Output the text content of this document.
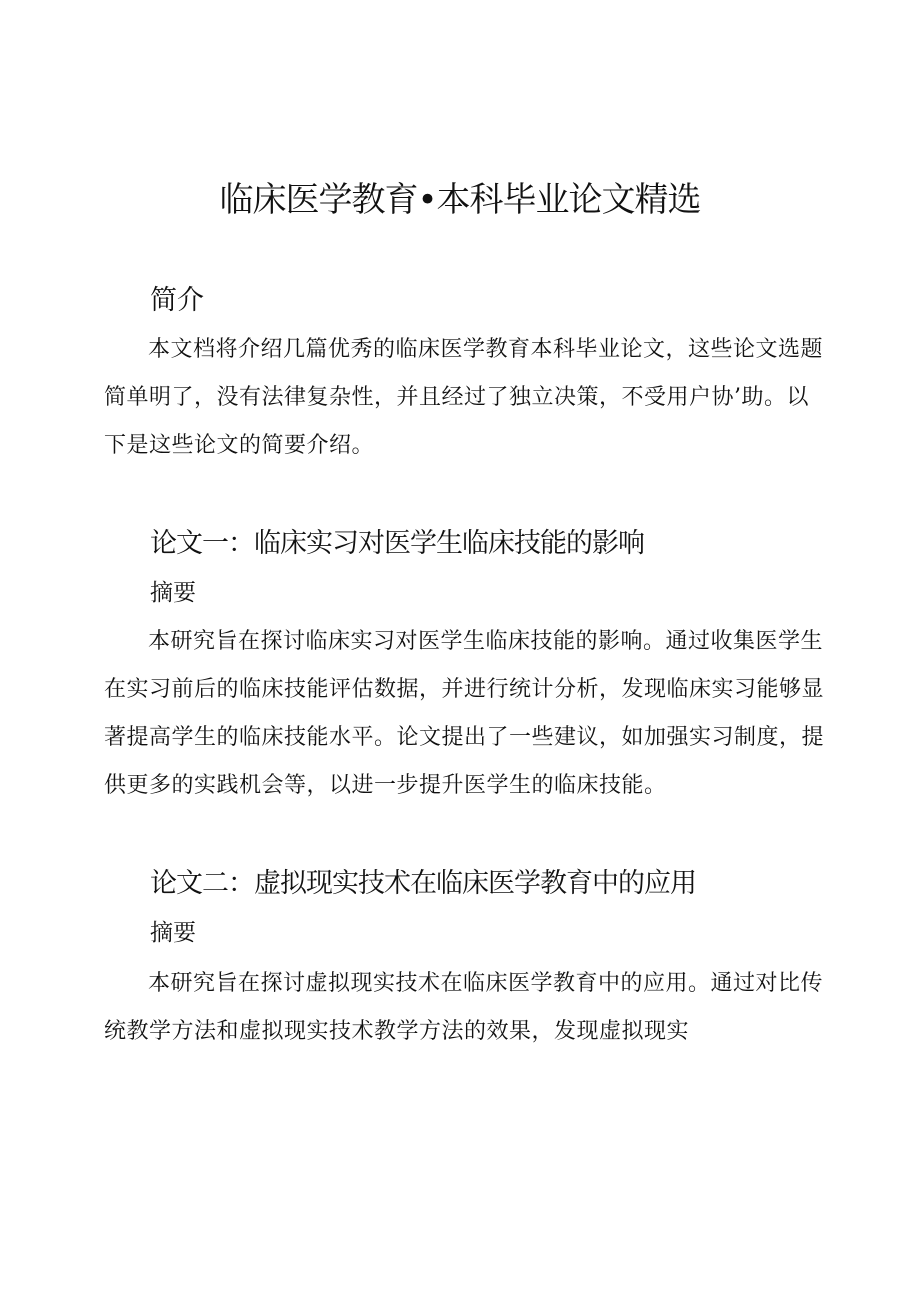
临床医学教育•本科毕业论文精选
简介

本文档将介绍几篇优秀的临床医学教育本科毕业论文，这些论文选题简单明了，没有法律复杂性，并且经过了独立决策，不受用户协’助。以下是这些论文的简要介绍。

论文一：临床实习对医学生临床技能的影响
摘要

本研究旨在探讨临床实习对医学生临床技能的影响。通过收集医学生在实习前后的临床技能评估数据，并进行统计分析，发现临床实习能够显著提高学生的临床技能水平。论文提出了一些建议，如加强实习制度，提供更多的实践机会等，以进一步提升医学生的临床技能。

论文二：虚拟现实技术在临床医学教育中的应用
摘要

本研究旨在探讨虚拟现实技术在临床医学教育中的应用。通过对比传统教学方法和虚拟现实技术教学方法的效果，发现虚拟现实
